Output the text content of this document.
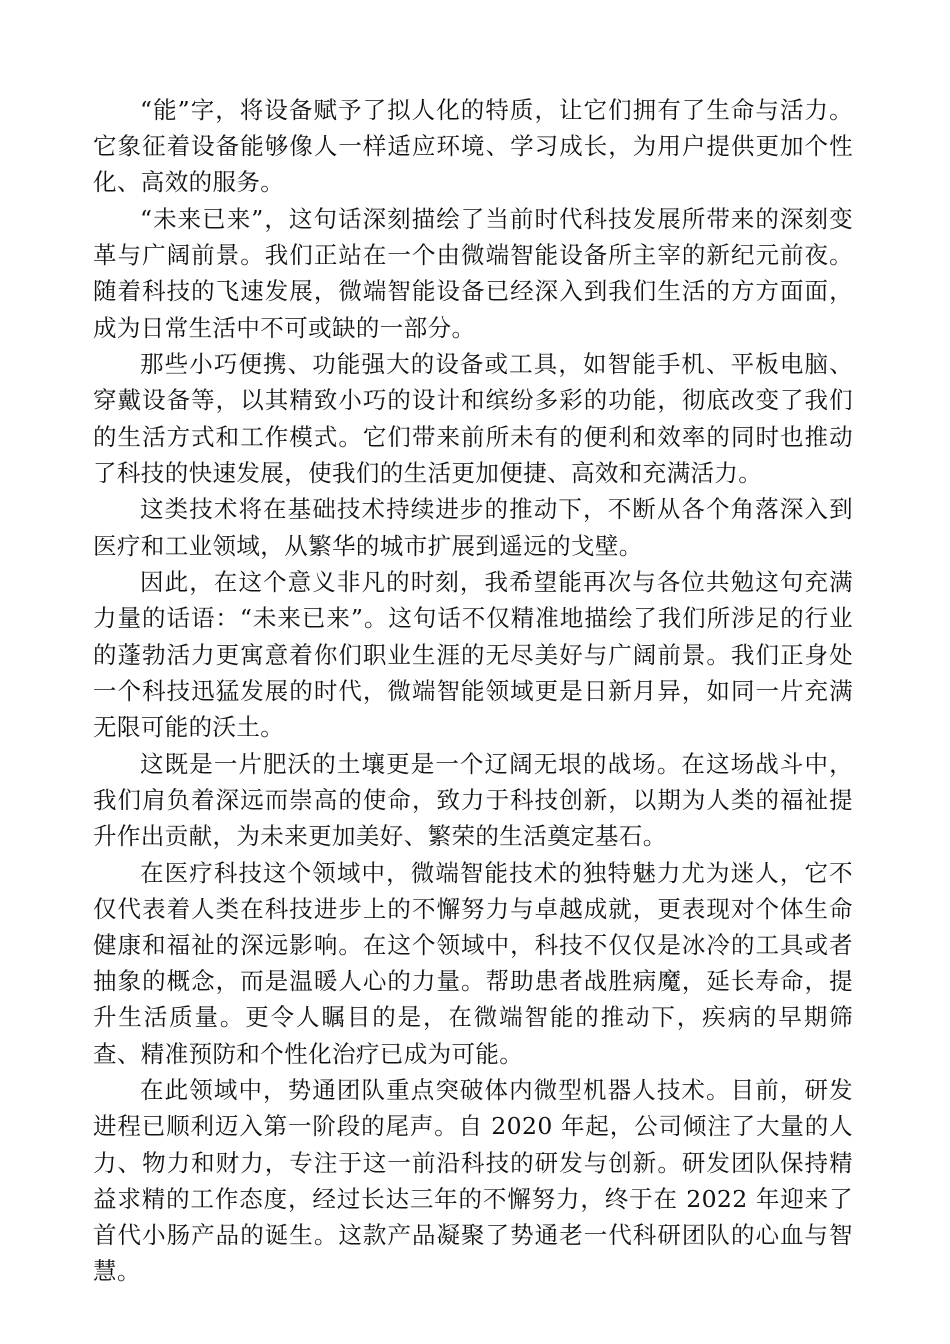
“能”字，将设备赋予了拟人化的特质，让它们拥有了生命与活力。它象征着设备能够像人一样适应环境、学习成长，为用户提供更加个性化、高效的服务。

“未来已来”，这句话深刻描绘了当前时代科技发展所带来的深刻变革与广阔前景。我们正站在一个由微端智能设备所主宰的新纪元前夜。随着科技的飞速发展，微端智能设备已经深入到我们生活的方方面面，成为日常生活中不可或缺的一部分。

那些小巧便携、功能强大的设备或工具，如智能手机、平板电脑、穿戴设备等，以其精致小巧的设计和缤纷多彩的功能，彻底改变了我们的生活方式和工作模式。它们带来前所未有的便利和效率的同时也推动了科技的快速发展，使我们的生活更加便捷、高效和充满活力。

这类技术将在基础技术持续进步的推动下，不断从各个角落深入到医疗和工业领域，从繁华的城市扩展到遥远的戈壁。

因此，在这个意义非凡的时刻，我希望能再次与各位共勉这句充满力量的话语：“未来已来”。这句话不仅精准地描绘了我们所涉足的行业的蓬勃活力更寓意着你们职业生涯的无尽美好与广阔前景。我们正身处一个科技迅猛发展的时代，微端智能领域更是日新月异，如同一片充满无限可能的沃土。

这既是一片肥沃的土壤更是一个辽阔无垠的战场。在这场战斗中，我们肩负着深远而崇高的使命，致力于科技创新，以期为人类的福祉提升作出贡献，为未来更加美好、繁荣的生活奠定基石。

在医疗科技这个领域中，微端智能技术的独特魅力尤为迷人，它不仅代表着人类在科技进步上的不懈努力与卓越成就，更表现对个体生命健康和福祉的深远影响。在这个领域中，科技不仅仅是冰冷的工具或者抽象的概念，而是温暖人心的力量。帮助患者战胜病魔，延长寿命，提升生活质量。更令人瞩目的是，在微端智能的推动下，疾病的早期筛查、精准预防和个性化治疗已成为可能。

在此领域中，势通团队重点突破体内微型机器人技术。目前，研发进程已顺利迈入第一阶段的尾声。自 2020 年起，公司倾注了大量的人力、物力和财力，专注于这一前沿科技的研发与创新。研发团队保持精益求精的工作态度，经过长达三年的不懈努力，终于在 2022 年迎来了首代小肠产品的诞生。这款产品凝聚了势通老一代科研团队的心血与智慧。
